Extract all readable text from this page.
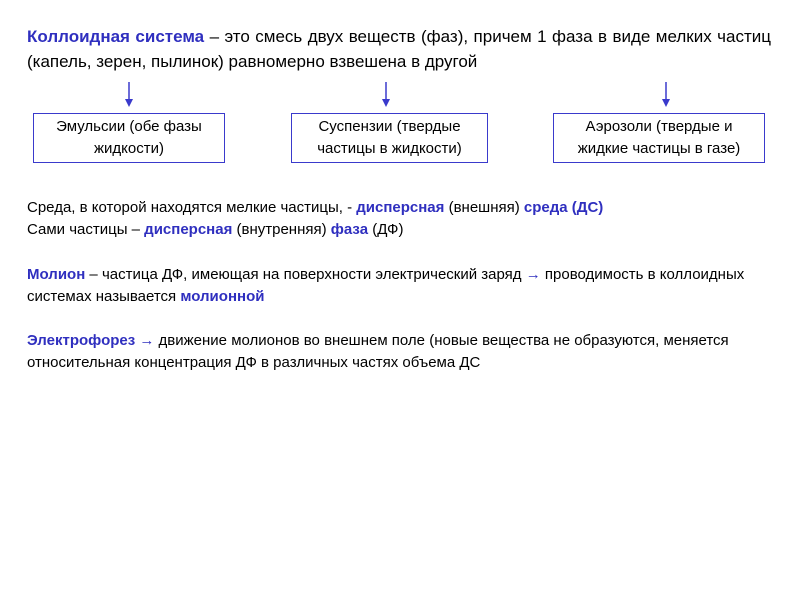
Коллоидная система – это смесь двух веществ (фаз), причем 1 фаза в виде мелких частиц (капель, зерен, пылинок) равномерно взвешена в другой
Эмульсии (обе фазы жидкости)
Суспензии (твердые частицы в жидкости)
Аэрозоли (твердые и жидкие частицы в газе)
Среда, в которой находятся мелкие частицы, - дисперсная (внешняя) среда (ДС)
Сами частицы – дисперсная (внутренняя) фаза (ДФ)
Молион – частица ДФ, имеющая на поверхности электрический заряд → проводимость в коллоидных системах называется молионной
Электрофорез → движение молионов во внешнем поле (новые вещества не образуются, меняется относительная концентрация ДФ в различных частях объема ДС
